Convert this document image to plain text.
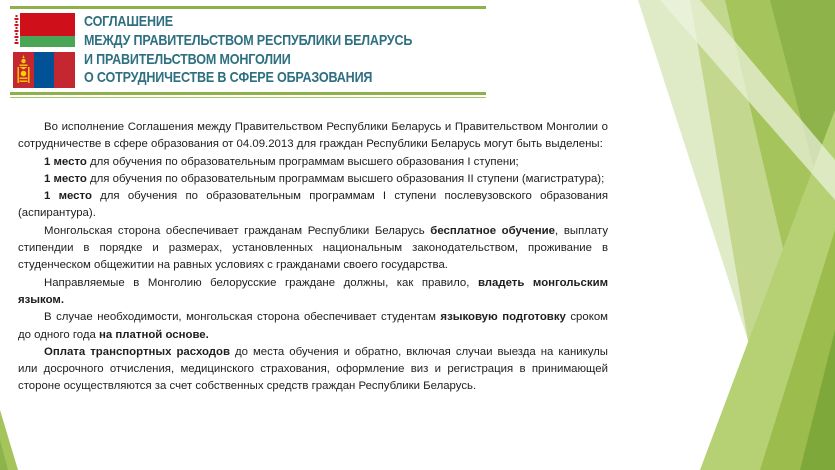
СОГЛАШЕНИЕ
МЕЖДУ ПРАВИТЕЛЬСТВОМ РЕСПУБЛИКИ БЕЛАРУСЬ
И ПРАВИТЕЛЬСТВОМ МОНГОЛИИ
О СОТРУДНИЧЕСТВЕ В СФЕРЕ ОБРАЗОВАНИЯ

Во исполнение Соглашения между Правительством Республики Беларусь и Правительством Монголии о сотрудничестве в сфере образования от 04.09.2013 для граждан Республики Беларусь могут быть выделены:

1 место для обучения по образовательным программам высшего образования I ступени;

1 место для обучения по образовательным программам высшего образования II ступени (магистратура);

1 место для обучения по образовательным программам I ступени послевузовского образования (аспирантура).

Монгольская сторона обеспечивает гражданам Республики Беларусь бесплатное обучение, выплату стипендии в порядке и размерах, установленных национальным законодательством, проживание в студенческом общежитии на равных условиях с гражданами своего государства.

Направляемые в Монголию белорусские граждане должны, как правило, владеть монгольским языком.

В случае необходимости, монгольская сторона обеспечивает студентам языковую подготовку сроком до одного года на платной основе.

Оплата транспортных расходов до места обучения и обратно, включая случаи выезда на каникулы или досрочного отчисления, медицинского страхования, оформление виз и регистрация в принимающей стороне осуществляются за счет собственных средств граждан Республики Беларусь.
